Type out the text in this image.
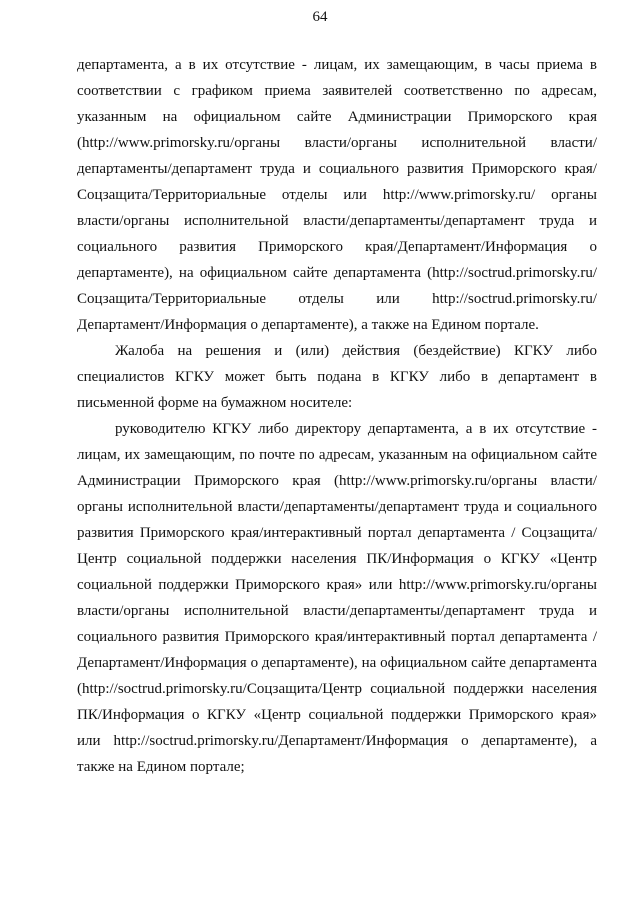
64

департамента, а в их отсутствие - лицам, их замещающим, в часы приема в соответствии с графиком приема заявителей соответственно по адресам, указанным на официальном сайте Администрации Приморского края (http://www.primorsky.ru/органы власти/органы исполнительной власти/департаменты/департамент труда и социального развития Приморского края/Соцзащита/Территориальные отделы или http://www.primorsky.ru/ органы власти/органы исполнительной власти/департаменты/департамент труда и социального развития Приморского края/Департамент/Информация о департаменте), на официальном сайте департамента (http://soctrud.primorsky.ru/Соцзащита/Территориальные отделы или http://soctrud.primorsky.ru/Департамент/Информация о департаменте), а также на Едином портале.

Жалоба на решения и (или) действия (бездействие) КГКУ либо специалистов КГКУ может быть подана в КГКУ либо в департамент в письменной форме на бумажном носителе:

руководителю КГКУ либо директору департамента, а в их отсутствие - лицам, их замещающим, по почте по адресам, указанным на официальном сайте Администрации Приморского края (http://www.primorsky.ru/органы власти/органы исполнительной власти/департаменты/департамент труда и социального развития Приморского края/интерактивный портал департамента / Соцзащита/Центр социальной поддержки населения ПК/Информация о КГКУ «Центр социальной поддержки Приморского края» или http://www.primorsky.ru/органы власти/органы исполнительной власти/департаменты/департамент труда и социального развития Приморского края/интерактивный портал департамента /Департамент/Информация о департаменте), на официальном сайте департамента (http://soctrud.primorsky.ru/Соцзащита/Центр социальной поддержки населения ПК/Информация о КГКУ «Центр социальной поддержки Приморского края» или http://soctrud.primorsky.ru/Департамент/Информация о департаменте), а также на Едином портале;
